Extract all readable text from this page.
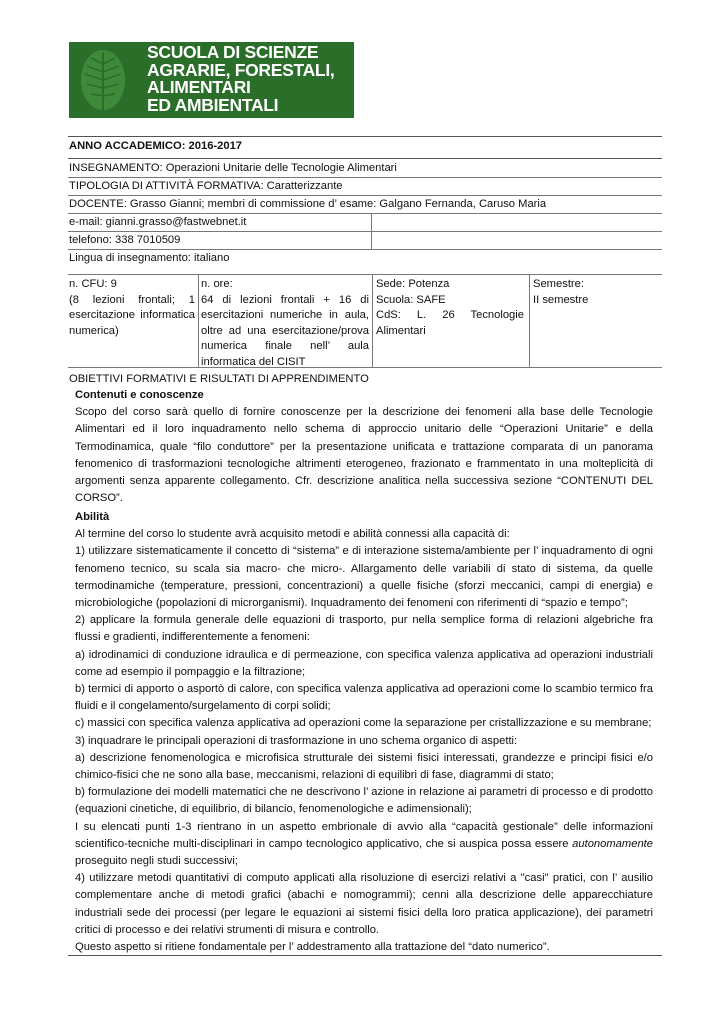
SCUOLA DI SCIENZE
AGRARIE, FORESTALI,
ALIMENTARI
ED AMBIENTALI
ANNO ACCADEMICO: 2016-2017
INSEGNAMENTO: Operazioni Unitarie delle Tecnologie Alimentari
TIPOLOGIA DI ATTIVITÀ FORMATIVA: Caratterizzante
DOCENTE: Grasso Gianni; membri di commissione d’ esame: Galgano Fernanda, Caruso Maria
e-mail: gianni.grasso@fastwebnet.it
telefono: 338 7010509
Lingua di insegnamento: italiano
n. CFU: 9
(8 lezioni frontali; 1 esercitazione informatica numerica)
n. ore:
64 di lezioni frontali + 16 di esercitazioni numeriche in aula, oltre ad una esercitazione/prova numerica finale nell’ aula informatica del CISIT
Sede: Potenza
Scuola: SAFE
CdS: L. 26 Tecnologie Alimentari
Semestre:
II semestre
OBIETTIVI FORMATIVI E RISULTATI DI APPRENDIMENTO

Contenuti e conoscenze

Scopo del corso sarà quello di fornire conoscenze per la descrizione dei fenomeni alla base delle Tecnologie Alimentari ed il loro inquadramento nello schema di approccio unitario delle “Operazioni Unitarie” e della Termodinamica, quale “filo conduttore” per la presentazione unificata e trattazione comparata di un panorama fenomenico di trasformazioni tecnologiche altrimenti eterogeneo, frazionato e frammentato in una molteplicità di argomenti senza apparente collegamento. Cfr. descrizione analitica nella successiva sezione “CONTENUTI DEL CORSO”.

Abilità

Al termine del corso lo studente avrà acquisito metodi e abilità connessi alla capacità di:

1) utilizzare sistematicamente il concetto di “sistema” e di interazione sistema/ambiente per l’ inquadramento di ogni fenomeno tecnico, su scala sia macro- che micro-. Allargamento delle variabili di stato di sistema, da quelle termodinamiche (temperature, pressioni, concentrazioni) a quelle fisiche (sforzi meccanici, campi di energia) e microbiologiche (popolazioni di microrganismi). Inquadramento dei fenomeni con riferimenti di “spazio e tempo”;

2) applicare la formula generale delle equazioni di trasporto, pur nella semplice forma di relazioni algebriche fra flussi e gradienti, indifferentemente a fenomeni:

a) idrodinamici di conduzione idraulica e di permeazione, con specifica valenza applicativa ad operazioni industriali come ad esempio il pompaggio e la filtrazione;

b) termici di apporto o asportò di calore, con specifica valenza applicativa ad operazioni come lo scambio termico fra fluidi e il congelamento/surgelamento di corpi solidi;

c) massici con specifica valenza applicativa ad operazioni come la separazione per cristallizzazione e su membrane;

3) inquadrare le principali operazioni di trasformazione in uno schema organico di aspetti:

a) descrizione fenomenologica e microfisica strutturale dei sistemi fisici interessati, grandezze e principi fisici e/o chimico-fisici che ne sono alla base, meccanismi, relazioni di equilibri di fase, diagrammi di stato;

b) formulazione dei modelli matematici che ne descrivono l’ azione in relazione ai parametri di processo e di prodotto (equazioni cinetiche, di equilibrio, di bilancio, fenomenologiche e adimensionali);

I su elencati punti 1-3 rientrano in un aspetto embrionale di avvio alla “capacità gestionale” delle informazioni scientifico-tecniche multi-disciplinari in campo tecnologico applicativo, che si auspica possa essere autonomamente proseguito negli studi successivi;

4) utilizzare metodi quantitativi di computo applicati alla risoluzione di esercizi relativi a "casi" pratici, con l’ ausilio complementare anche di metodi grafici (abachi e nomogrammi); cenni alla descrizione delle apparecchiature industriali sede dei processi (per legare le equazioni ai sistemi fisici della loro pratica applicazione), dei parametri critici di processo e dei relativi strumenti di misura e controllo.

Questo aspetto si ritiene fondamentale per l’ addestramento alla trattazione del “dato numerico”.
